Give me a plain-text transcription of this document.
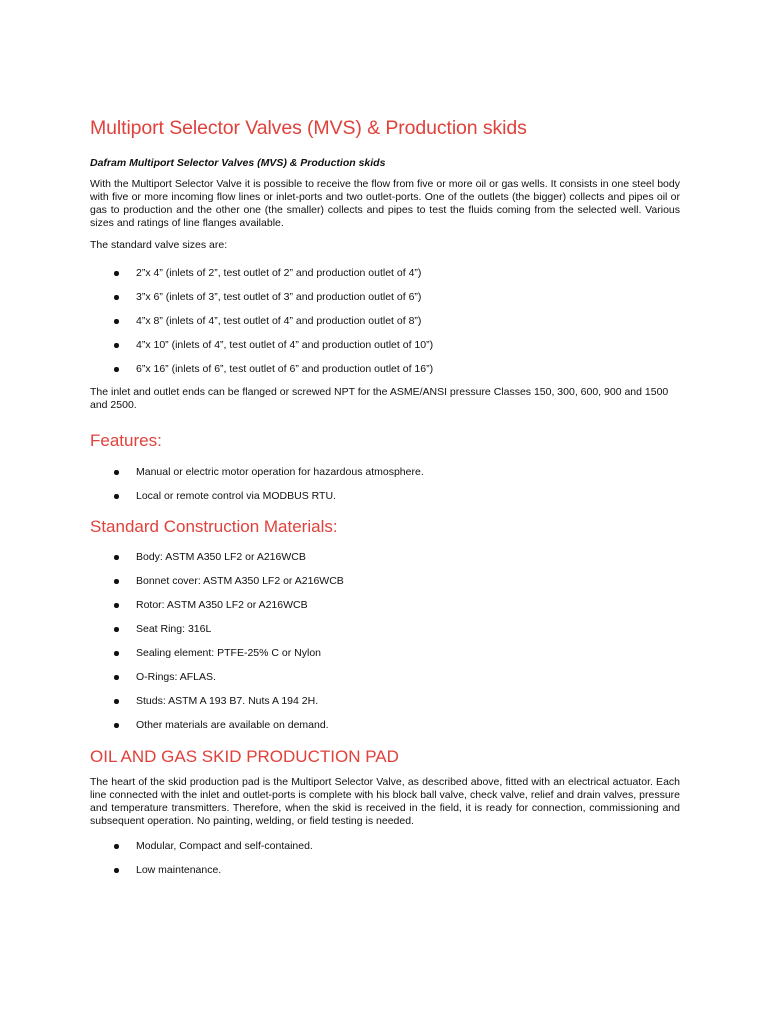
Multiport Selector Valves (MVS) & Production skids
Dafram Multiport Selector Valves (MVS) & Production skids

With the Multiport Selector Valve it is possible to receive the flow from five or more oil or gas wells. It consists in one steel body with five or more incoming flow lines or inlet-ports and two outlet-ports. One of the outlets (the bigger) collects and pipes oil or gas to production and the other one (the smaller) collects and pipes to test the fluids coming from the selected well. Various sizes and ratings of line flanges available.

The standard valve sizes are:

2”x 4” (inlets of 2”, test outlet of 2” and production outlet of 4”)
3”x 6” (inlets of 3”, test outlet of 3” and production outlet of 6”)
4”x 8” (inlets of 4”, test outlet of 4” and production outlet of 8”)
4”x 10” (inlets of 4”, test outlet of 4” and production outlet of 10”)
6”x 16” (inlets of 6”, test outlet of 6” and production outlet of 16”)

The inlet and outlet ends can be flanged or screwed NPT for the ASME/ANSI pressure Classes 150, 300, 600, 900 and 1500 and 2500.

Features:
Manual or electric motor operation for hazardous atmosphere.
Local or remote control via MODBUS RTU.
Standard Construction Materials:
Body: ASTM A350 LF2 or A216WCB
Bonnet cover: ASTM A350 LF2 or A216WCB
Rotor: ASTM A350 LF2 or A216WCB
Seat Ring: 316L
Sealing element: PTFE-25% C or Nylon
O-Rings: AFLAS.
Studs: ASTM A 193 B7. Nuts A 194 2H.
Other materials are available on demand.
OIL AND GAS SKID PRODUCTION PAD

The heart of the skid production pad is the Multiport Selector Valve, as described above, fitted with an electrical actuator. Each line connected with the inlet and outlet-ports is complete with his block ball valve, check valve, relief and drain valves, pressure and temperature transmitters. Therefore, when the skid is received in the field, it is ready for connection, commissioning and subsequent operation. No painting, welding, or field testing is needed.

Modular, Compact and self-contained.
Low maintenance.
